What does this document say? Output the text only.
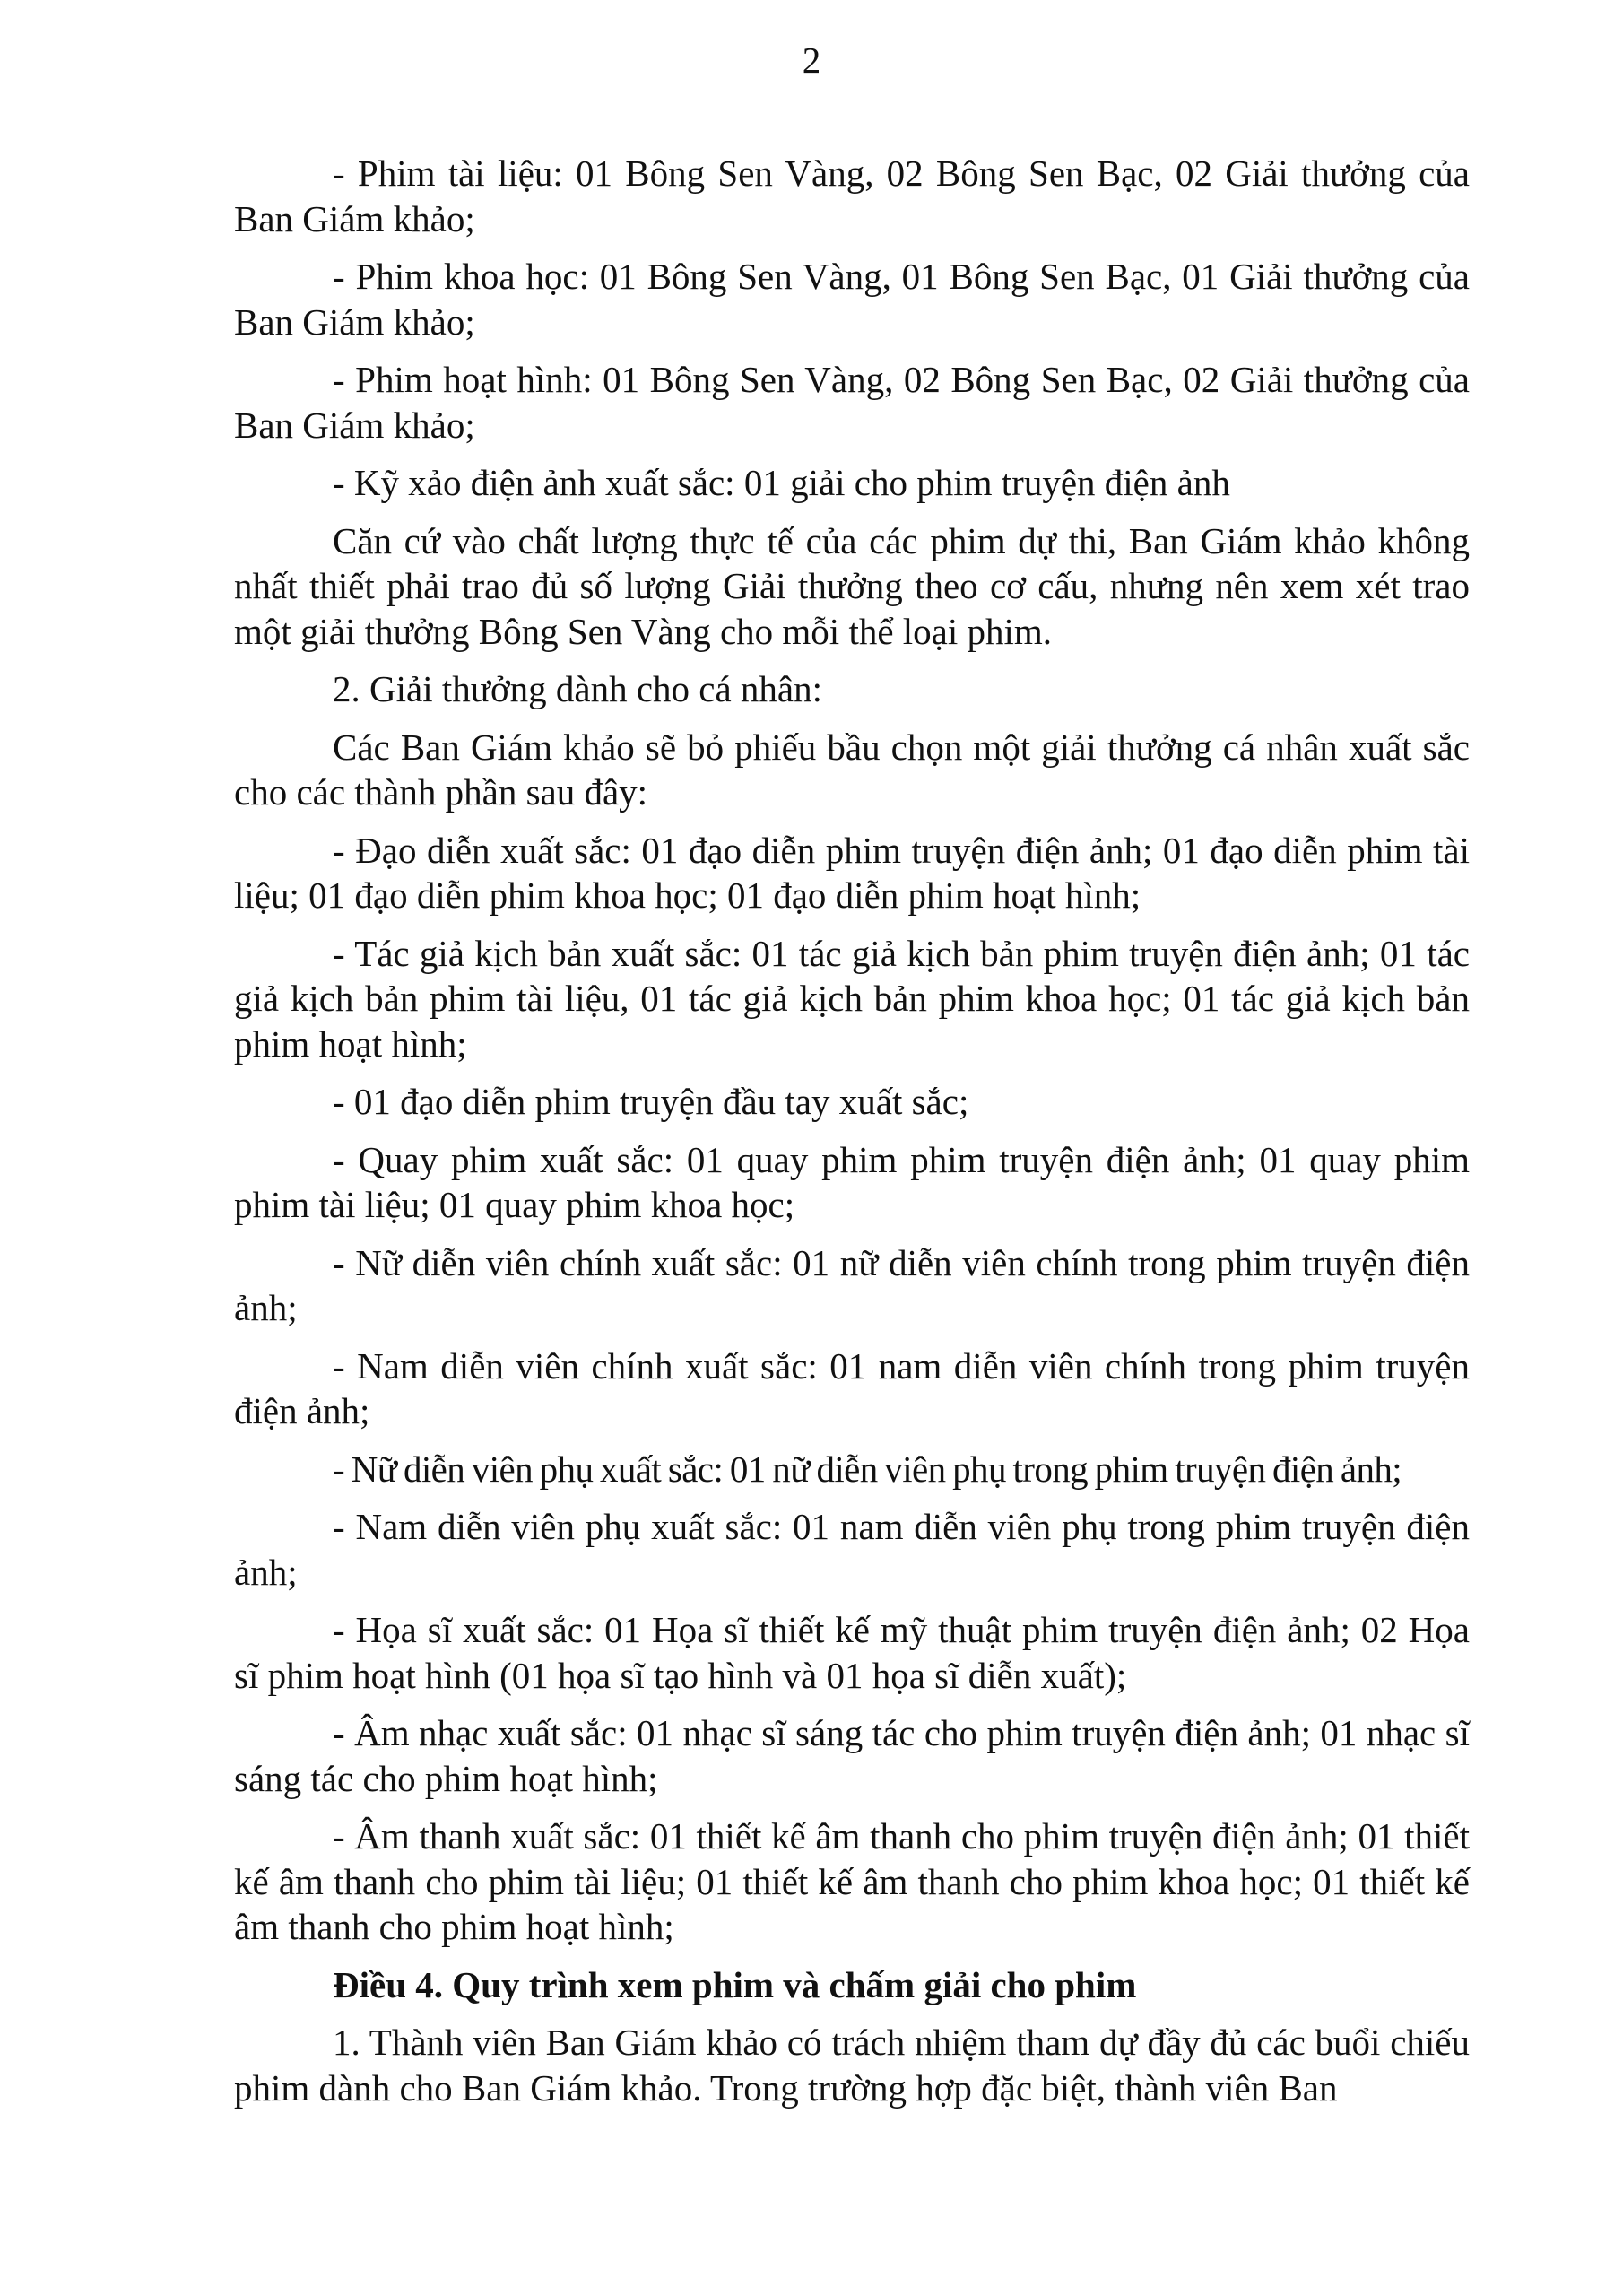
2

- Phim tài liệu: 01 Bông Sen Vàng, 02 Bông Sen Bạc, 02 Giải thưởng của Ban Giám khảo;

- Phim khoa học: 01 Bông Sen Vàng, 01 Bông Sen Bạc, 01 Giải thưởng của Ban Giám khảo;

- Phim hoạt hình: 01 Bông Sen Vàng, 02 Bông Sen Bạc, 02 Giải thưởng của Ban Giám khảo;

- Kỹ xảo điện ảnh xuất sắc: 01 giải cho phim truyện điện ảnh

Căn cứ vào chất lượng thực tế của các phim dự thi, Ban Giám khảo không nhất thiết phải trao đủ số lượng Giải thưởng theo cơ cấu, nhưng nên xem xét trao một giải thưởng Bông Sen Vàng cho mỗi thể loại phim.

2. Giải thưởng dành cho cá nhân:

Các Ban Giám khảo sẽ bỏ phiếu bầu chọn một giải thưởng cá nhân xuất sắc cho các thành phần sau đây:

- Đạo diễn xuất sắc: 01 đạo diễn phim truyện điện ảnh; 01 đạo diễn phim tài liệu; 01 đạo diễn phim khoa học; 01 đạo diễn phim hoạt hình;

- Tác giả kịch bản xuất sắc: 01 tác giả kịch bản phim truyện điện ảnh; 01 tác giả kịch bản phim tài liệu, 01 tác giả kịch bản phim khoa học; 01 tác giả kịch bản phim hoạt hình;

- 01 đạo diễn phim truyện đầu tay xuất sắc;

- Quay phim xuất sắc: 01 quay phim phim truyện điện ảnh; 01 quay phim phim tài liệu; 01 quay phim khoa học;

- Nữ diễn viên chính xuất sắc: 01 nữ diễn viên chính trong phim truyện điện ảnh;

- Nam diễn viên chính xuất sắc: 01 nam diễn viên chính trong phim truyện điện ảnh;

- Nữ diễn viên phụ xuất sắc: 01 nữ diễn viên phụ trong phim truyện điện ảnh;

- Nam diễn viên phụ xuất sắc: 01 nam diễn viên phụ trong phim truyện điện ảnh;

- Họa sĩ xuất sắc: 01 Họa sĩ thiết kế mỹ thuật phim truyện điện ảnh; 02 Họa sĩ phim hoạt hình (01 họa sĩ tạo hình và 01 họa sĩ diễn xuất);

- Âm nhạc xuất sắc: 01 nhạc sĩ sáng tác cho phim truyện điện ảnh; 01 nhạc sĩ sáng tác cho phim hoạt hình;

- Âm thanh xuất sắc: 01 thiết kế âm thanh cho phim truyện điện ảnh; 01 thiết kế âm thanh cho phim tài liệu; 01 thiết kế âm thanh cho phim khoa học; 01 thiết kế âm thanh cho phim hoạt hình;

Điều 4. Quy trình xem phim và chấm giải cho phim

1. Thành viên Ban Giám khảo có trách nhiệm tham dự đầy đủ các buổi chiếu phim dành cho Ban Giám khảo. Trong trường hợp đặc biệt, thành viên Ban
